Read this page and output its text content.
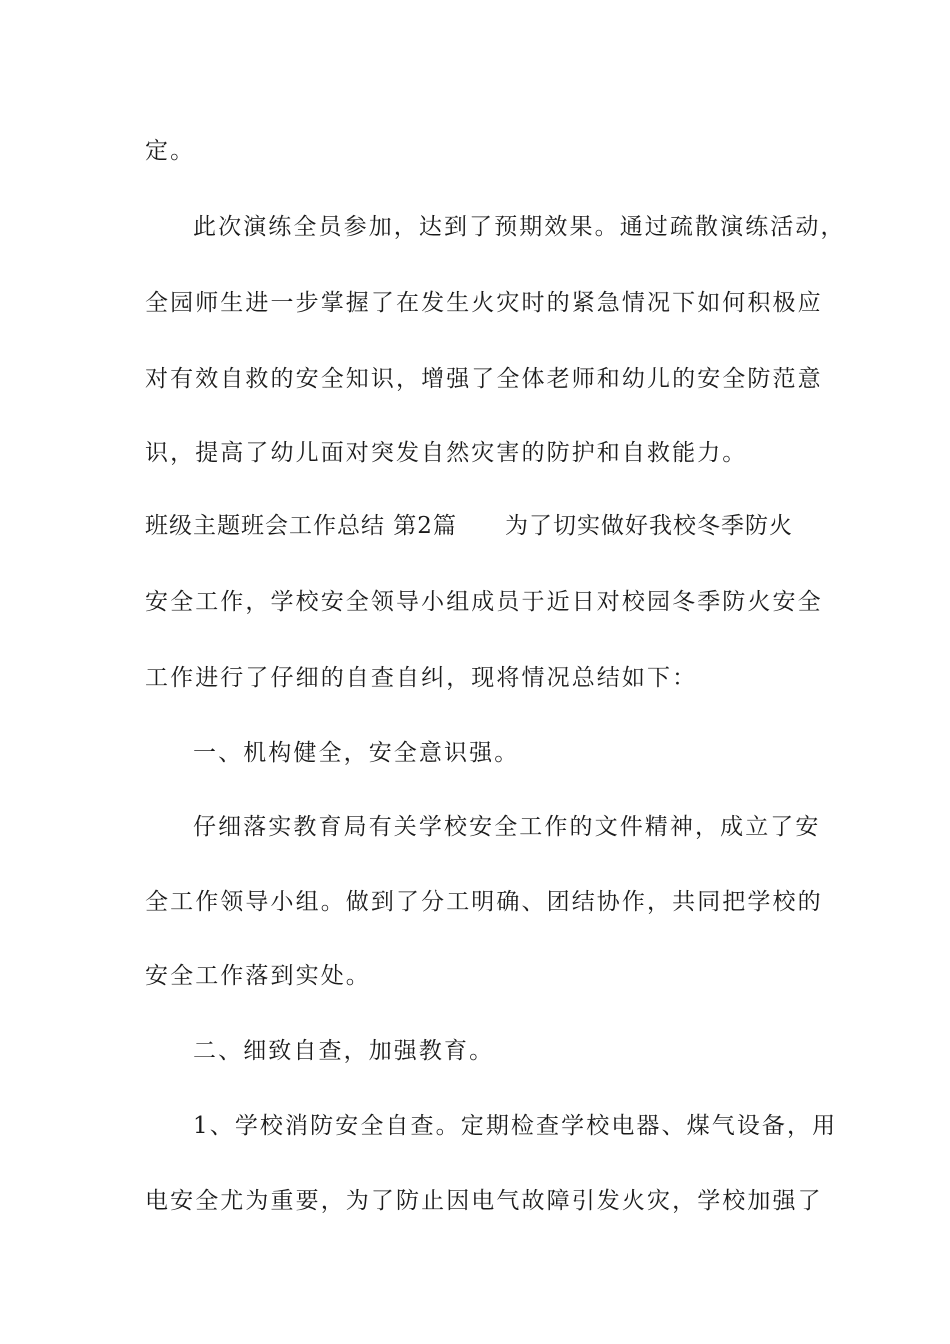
定。
此次演练全员参加，达到了预期效果。通过疏散演练活动，
全园师生进一步掌握了在发生火灾时的紧急情况下如何积极应
对有效自救的安全知识，增强了全体老师和幼儿的安全防范意
识，提高了幼儿面对突发自然灾害的防护和自救能力。
班级主题班会工作总结 第2篇 为了切实做好我校冬季防火
安全工作，学校安全领导小组成员于近日对校园冬季防火安全
工作进行了仔细的自查自纠，现将情况总结如下：
一、机构健全，安全意识强。
仔细落实教育局有关学校安全工作的文件精神，成立了安
全工作领导小组。做到了分工明确、团结协作，共同把学校的
安全工作落到实处。
二、细致自查，加强教育。
1、学校消防安全自查。定期检查学校电器、煤气设备，用
电安全尤为重要，为了防止因电气故障引发火灾，学校加强了
